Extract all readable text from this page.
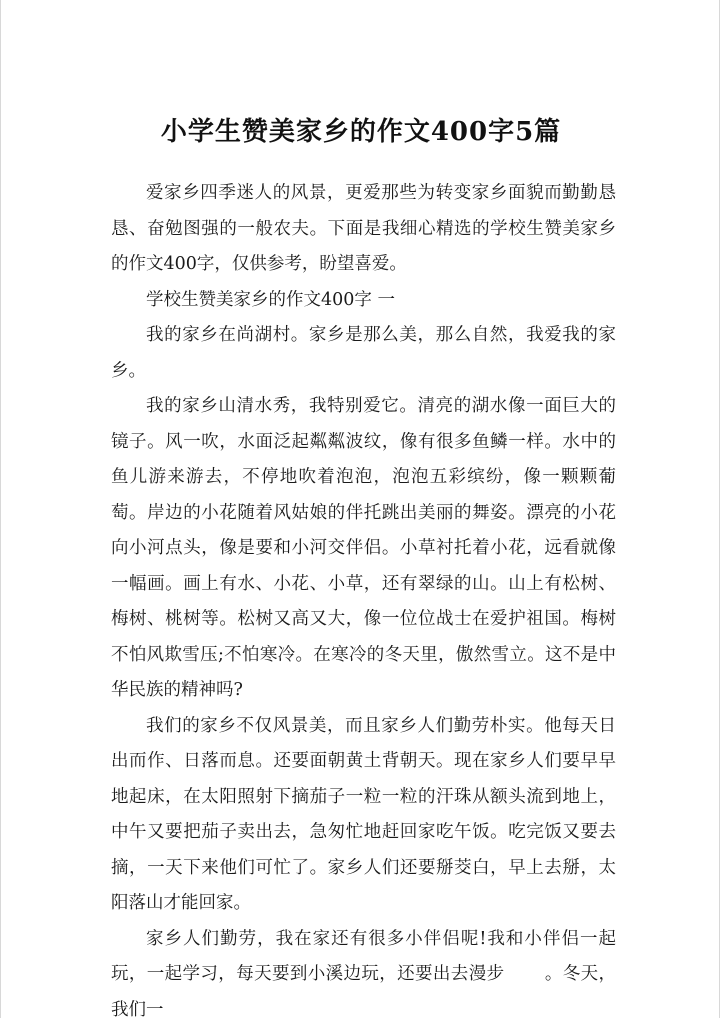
小学生赞美家乡的作文400字5篇

爱家乡四季迷人的风景，更爱那些为转变家乡面貌而勤勤恳恳、奋勉图强的一般农夫。下面是我细心精选的学校生赞美家乡的作文400字，仅供参考，盼望喜爱。

学校生赞美家乡的作文400字 一

我的家乡在尚湖村。家乡是那么美，那么自然，我爱我的家乡。

我的家乡山清水秀，我特别爱它。清亮的湖水像一面巨大的镜子。风一吹，水面泛起粼粼波纹，像有很多鱼鳞一样。水中的鱼儿游来游去，不停地吹着泡泡，泡泡五彩缤纷，像一颗颗葡萄。岸边的小花随着风姑娘的伴托跳出美丽的舞姿。漂亮的小花向小河点头，像是要和小河交伴侣。小草衬托着小花，远看就像一幅画。画上有水、小花、小草，还有翠绿的山。山上有松树、梅树、桃树等。松树又高又大，像一位位战士在爱护祖国。梅树不怕风欺雪压;不怕寒冷。在寒冷的冬天里，傲然雪立。这不是中华民族的精神吗?

我们的家乡不仅风景美，而且家乡人们勤劳朴实。他每天日出而作、日落而息。还要面朝黄土背朝天。现在家乡人们要早早地起床，在太阳照射下摘茄子一粒一粒的汗珠从额头流到地上，中午又要把茄子卖出去，急匆忙地赶回家吃午饭。吃完饭又要去摘，一天下来他们可忙了。家乡人们还要掰茭白，早上去掰，太阳落山才能回家。

家乡人们勤劳，我在家还有很多小伴侣呢!我和小伴侣一起玩，一起学习，每天要到小溪边玩，还要出去漫步 。冬天，我们一
